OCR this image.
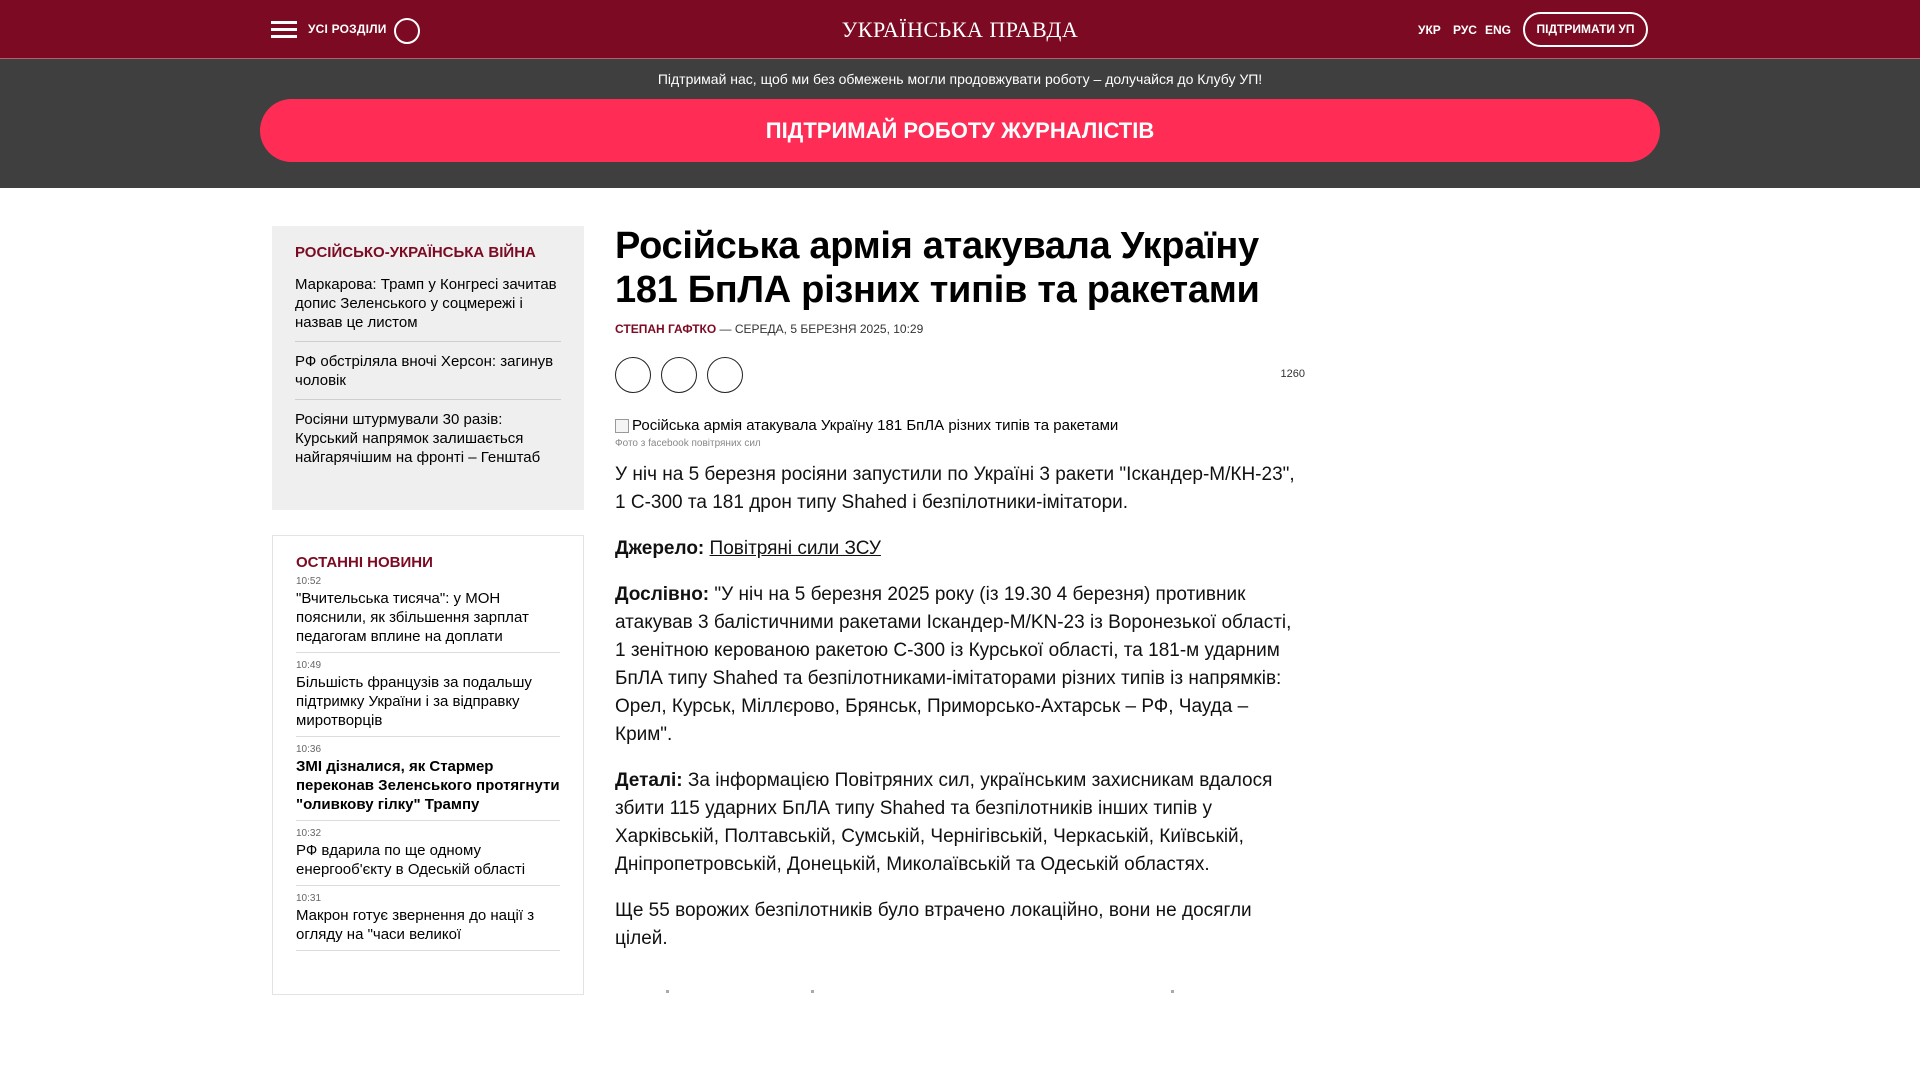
УСІ РОЗДІЛИ	УКРАЇНСЬКА ПРАВДА	УКР РУС ENG	ПІДТРИМАТИ УП
Підтримай нас, щоб ми без обмежень могли продовжувати роботу – долучайся до Клубу УП!
ПІДТРИМАЙ РОБОТУ ЖУРНАЛІСТІВ
РОСІЙСЬКО-УКРАЇНСЬКА ВІЙНА
Маркарова: Трамп у Конгресі зачитав допис Зеленського у соцмережі і назвав це листом
РФ обстріляла вночі Херсон: загинув чоловік
Росіяни штурмували 30 разів: Курський напрямок залишається найгарячішим на фронті – Генштаб
ОСТАННІ НОВИНИ
10:52
"Вчительська тисяча": у МОН пояснили, як збільшення зарплат педагогам вплине на доплати
10:49
Більшість французів за подальшу підтримку України і за відправку миротворців
10:36
ЗМІ дізналися, як Стармер переконав Зеленського протягнути "оливкову гілку" Трампу
10:32
РФ вдарила по ще одному енергооб'єкту в Одеській області
10:31
Макрон готує звернення до нації з огляду на "часи великої
Російська армія атакувала Україну 181 БпЛА різних типів та ракетами
СТЕПАН ГАФТКО — СЕРЕДА, 5 БЕРЕЗНЯ 2025, 10:29
1260
Російська армія атакувала Україну 181 БпЛА різних типів та ракетами
Фото з facebook повітряних сил

У ніч на 5 березня росіяни запустили по Україні 3 ракети "Іскандер-М/КН-23", 1 С-300 та 181 дрон типу Shahed і безпілотники-імітатори.

Джерело: Повітряні сили ЗСУ

Дослівно: "У ніч на 5 березня 2025 року (із 19.30 4 березня) противник атакував 3 балістичними ракетами Іскандер-М/KN-23 із Воронезької області, 1 зенітною керованою ракетою С-300 із Курської області, та 181-м ударним БпЛА типу Shahed та безпілотниками-імітаторами різних типів із напрямків: Орел, Курськ, Міллєрово, Брянськ, Приморсько-Ахтарськ – РФ, Чауда – Крим".

Деталі: За інформацією Повітряних сил, українським захисникам вдалося збити 115 ударних БпЛА типу Shahed та безпілотників інших типів у Харківській, Полтавській, Сумській, Чернігівській, Черкаській, Київській, Дніпропетровській, Донецькій, Миколаївській та Одеській областях.

Ще 55 ворожих безпілотників було втрачено локаційно, вони не досягли цілей.
